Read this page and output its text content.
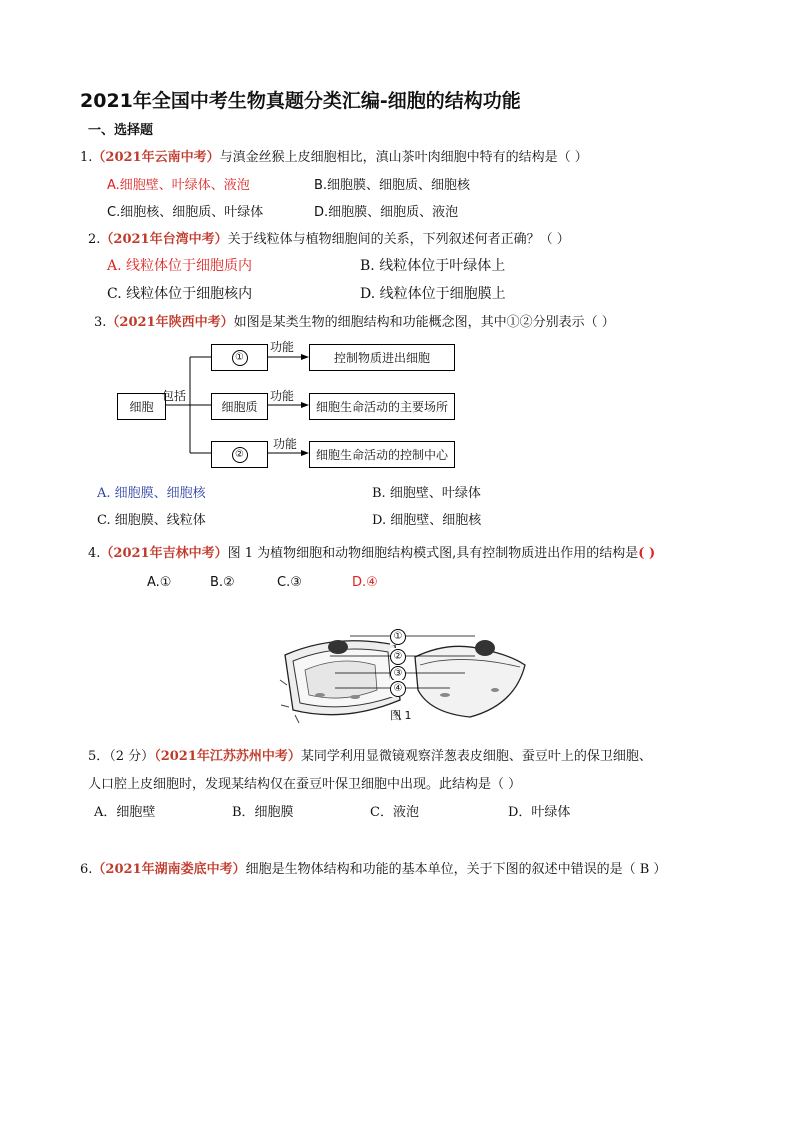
2021年全国中考生物真题分类汇编-细胞的结构功能
一、选择题
1.（2021年云南中考）与滇金丝猴上皮细胞相比，滇山茶叶肉细胞中特有的结构是（ ）
A.细胞壁、叶绿体、液泡	B.细胞膜、细胞质、细胞核
C.细胞核、细胞质、叶绿体	D.细胞膜、细胞质、液泡
2.（2021年台湾中考）关于线粒体与植物细胞间的关系，下列叙述何者正确？（ ）
A. 线粒体位于细胞质内	B. 线粒体位于叶绿体上
C. 线粒体位于细胞核内	D. 线粒体位于细胞膜上
3.（2021年陕西中考）如图是某类生物的细胞结构和功能概念图，其中①②分别表示（ ）
细胞
包括
①
细胞质
②
功能
功能
功能
控制物质进出细胞
细胞生命活动的主要场所
细胞生命活动的控制中心
A. 细胞膜、细胞核	B. 细胞壁、叶绿体
C. 细胞膜、线粒体	D. 细胞壁、细胞核
4.（2021年吉林中考）图 1 为植物细胞和动物细胞结构模式图,具有控制物质进出作用的结构是( )
A.①	B.②	C.③	D.④
①
②
③
④
图 1
5．（2 分）（2021年江苏苏州中考）某同学利用显微镜观察洋葱表皮细胞、蚕豆叶上的保卫细胞、
人口腔上皮细胞时，发现某结构仅在蚕豆叶保卫细胞中出现。此结构是（ ）
A．细胞壁	B．细胞膜	C．液泡	D．叶绿体
6.（2021年湖南娄底中考）细胞是生物体结构和功能的基本单位，关于下图的叙述中错误的是（ B ）
